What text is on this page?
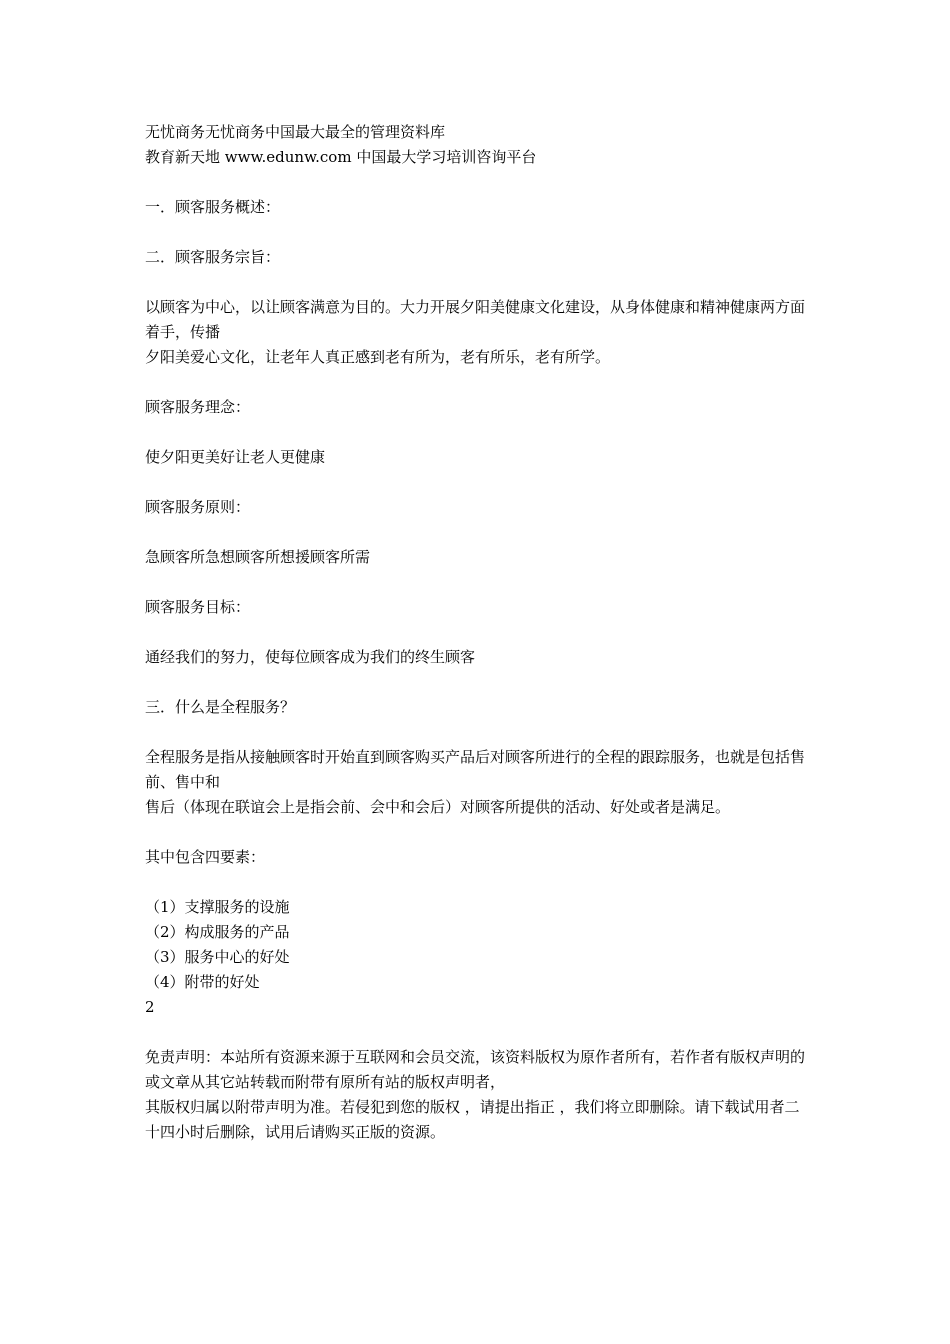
无忧商务无忧商务中国最大最全的管理资料库

教育新天地 www.edunw.com 中国最大学习培训咨询平台

一．顾客服务概述：

二．顾客服务宗旨：

以顾客为中心，以让顾客满意为目的。大力开展夕阳美健康文化建设，从身体健康和精神健康两方面着手，传播

夕阳美爱心文化，让老年人真正感到老有所为，老有所乐，老有所学。

顾客服务理念：

使夕阳更美好让老人更健康

顾客服务原则：

急顾客所急想顾客所想援顾客所需

顾客服务目标：

通经我们的努力，使每位顾客成为我们的终生顾客

三．什么是全程服务？

全程服务是指从接触顾客时开始直到顾客购买产品后对顾客所进行的全程的跟踪服务，也就是包括售前、售中和

售后（体现在联谊会上是指会前、会中和会后）对顾客所提供的活动、好处或者是满足。

其中包含四要素：

（1）支撑服务的设施

（2）构成服务的产品

（3）服务中心的好处

（4）附带的好处

2

免责声明：本站所有资源来源于互联网和会员交流，该资料版权为原作者所有，若作者有版权声明的或文章从其它站转载而附带有原所有站的版权声明者，

其版权归属以附带声明为准。若侵犯到您的版权 ，请提出指正 ，我们将立即删除。请下载试用者二十四小时后删除，试用后请购买正版的资源。
